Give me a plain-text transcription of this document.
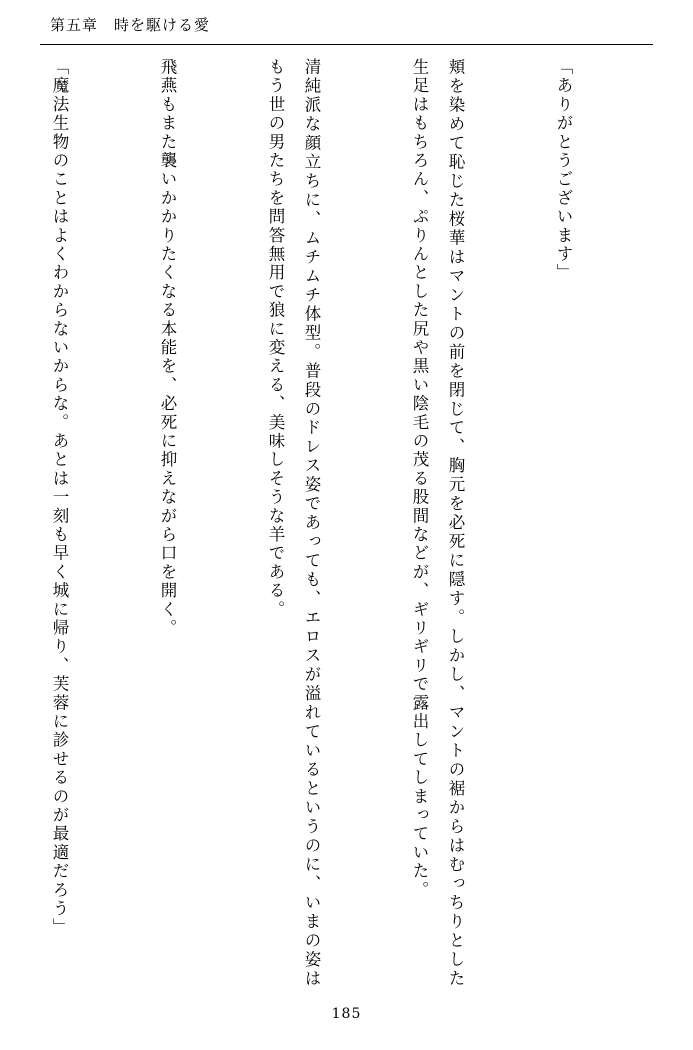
第五章　時を駆ける愛

「ありがとうございます」

頬を染めて恥じた桜華はマントの前を閉じて、胸元を必死に隠す。しかし、マントの裾からはむっちりとした生足はもちろん、ぷりんとした尻や黒い陰毛の茂る股間などが、ギリギリで露出してしまっていた。

清純派な顔立ちに、ムチムチ体型。普段のドレス姿であっても、エロスが溢れているというのに、いまの姿はもう世の男たちを問答無用で狼に変える、美味しそうな羊である。

飛燕もまた襲いかかりたくなる本能を、必死に抑えながら口を開く。

「魔法生物のことはよくわからないからな。あとは一刻も早く城に帰り、芙蓉に診せるのが最適だろう」

185
